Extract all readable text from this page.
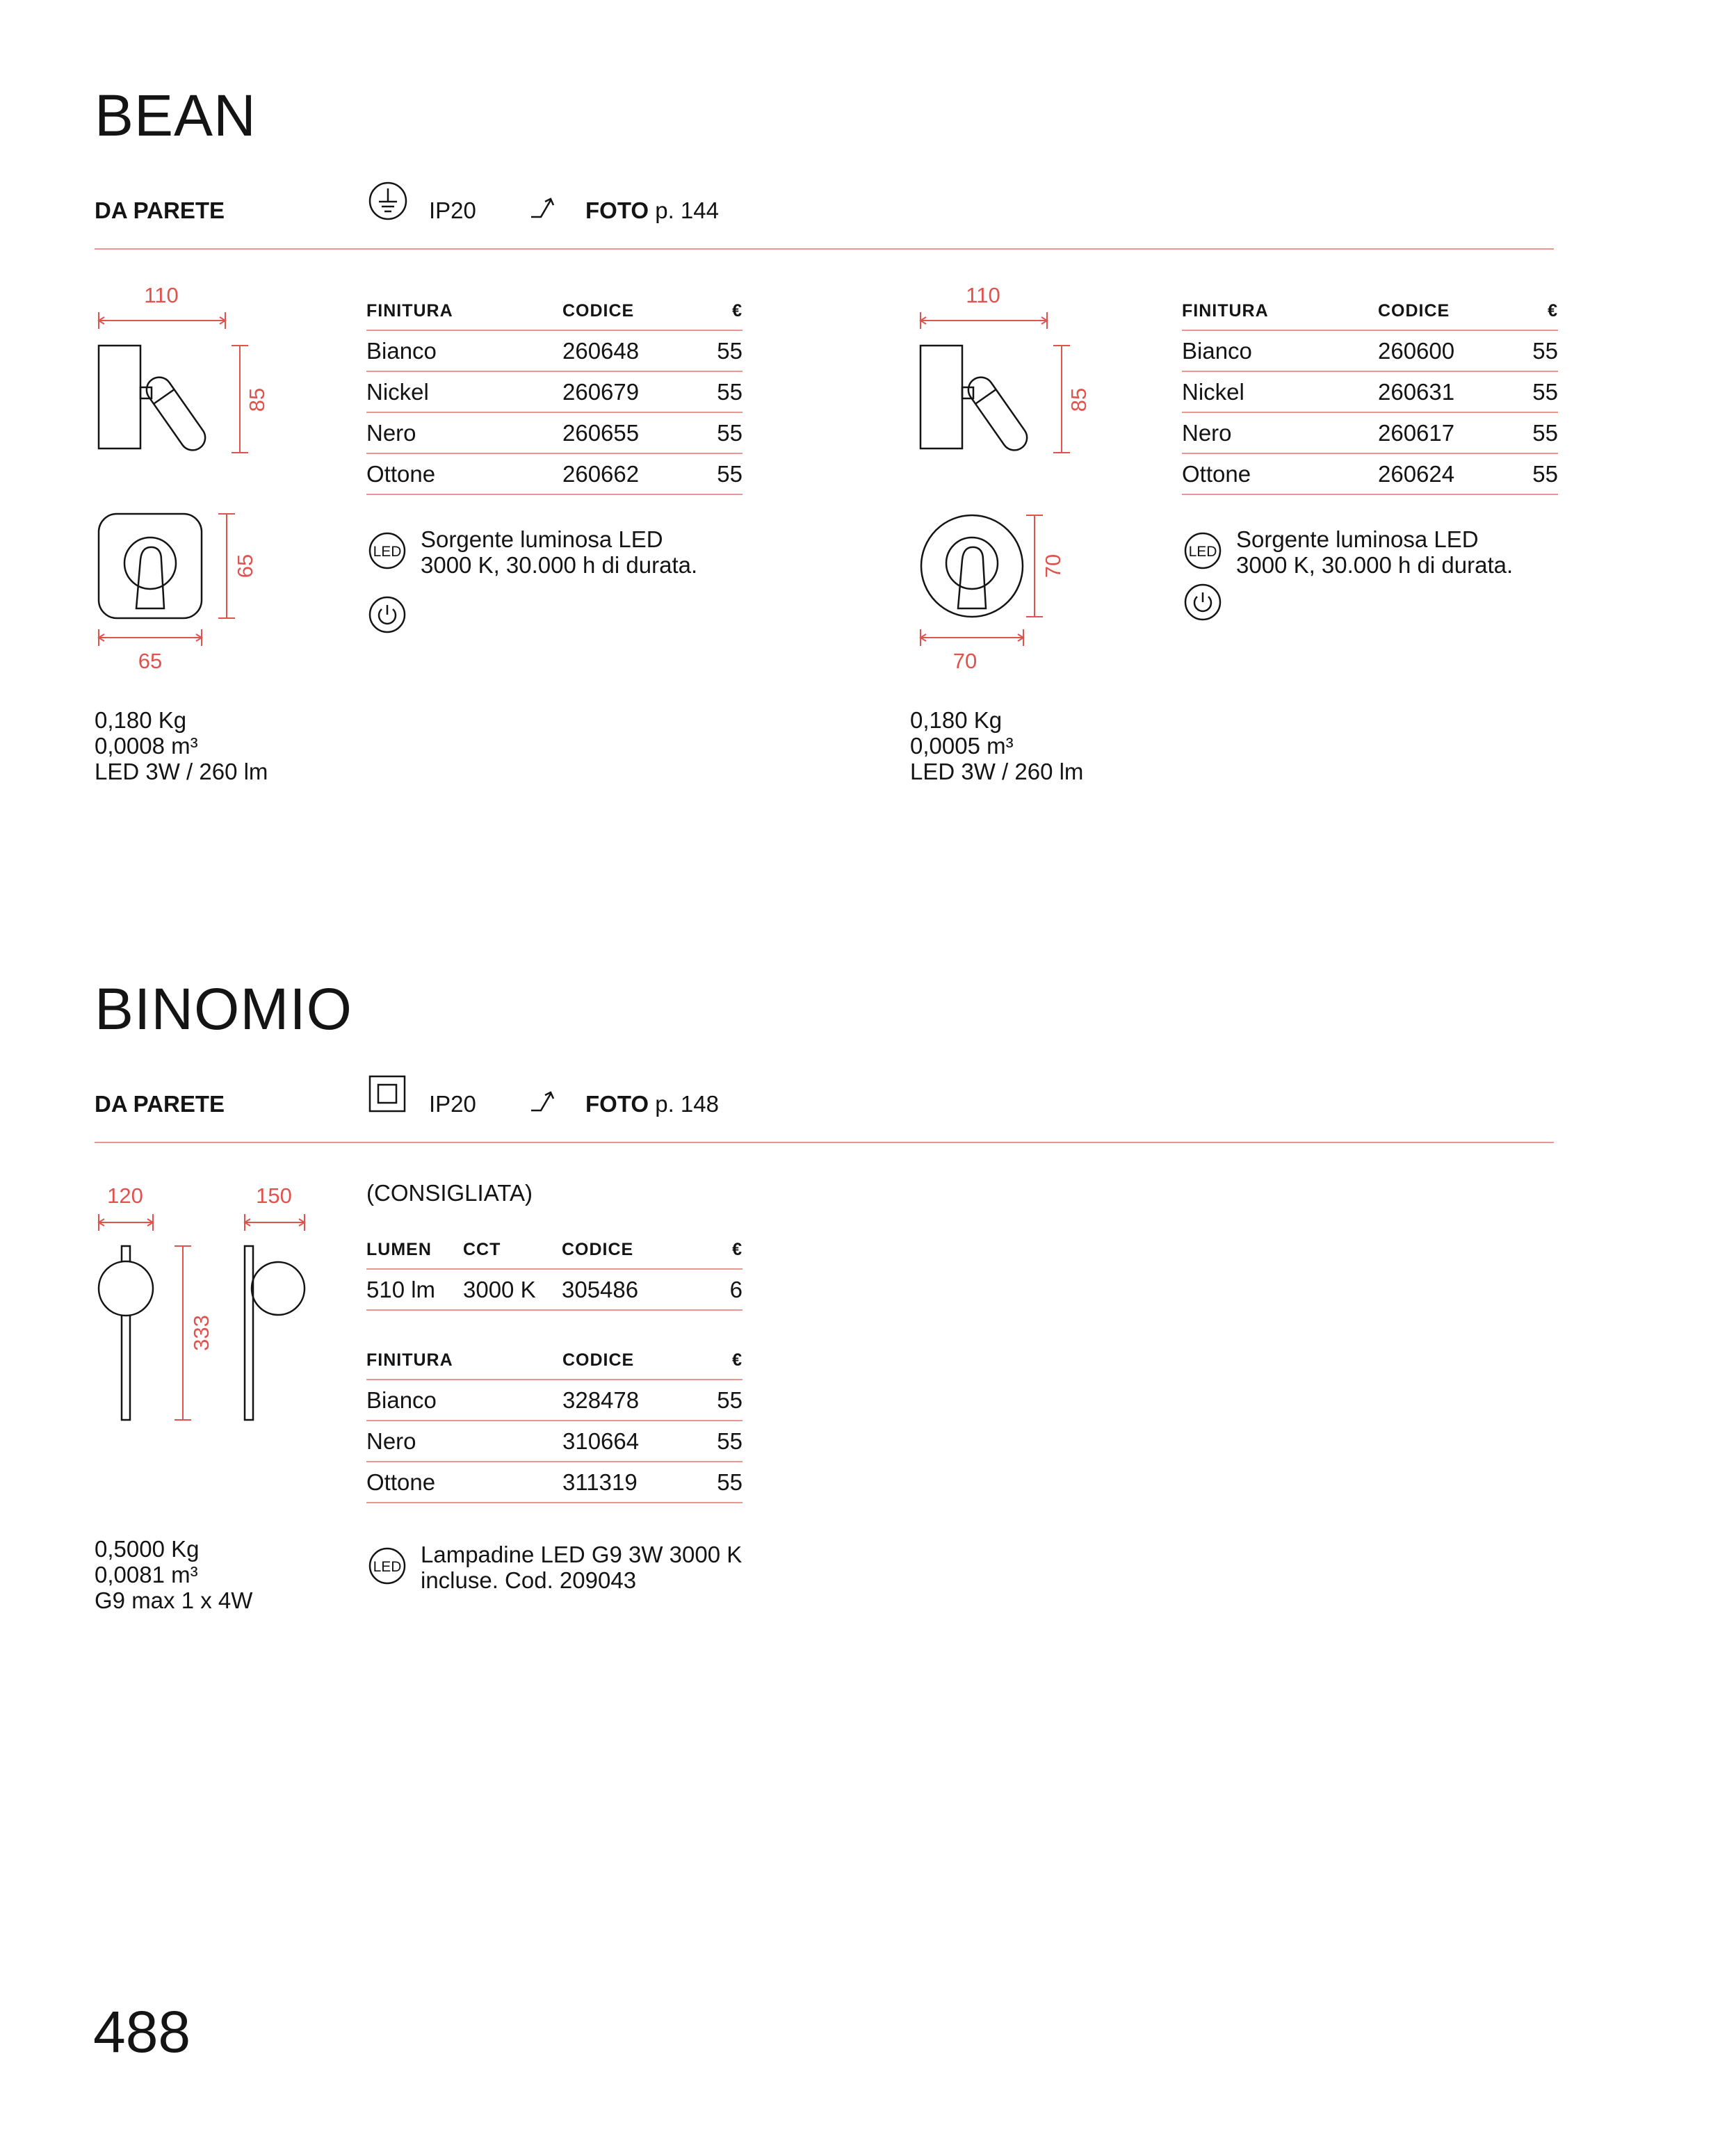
BEAN
DA PARETE	IP20	FOTO p. 144
110
85
65
65
0,180 Kg
0,0008 m³
LED 3W / 260 lm
FINITURA	CODICE	€
Bianco	260648	55
Nickel	260679	55
Nero	260655	55
Ottone	260662	55
LED Sorgente luminosa LED
3000 K, 30.000 h di durata.
110
85
70
70
0,180 Kg
0,0005 m³
LED 3W / 260 lm
FINITURA	CODICE	€
Bianco	260600	55
Nickel	260631	55
Nero	260617	55
Ottone	260624	55
LED Sorgente luminosa LED
3000 K, 30.000 h di durata.
BINOMIO
DA PARETE	IP20	FOTO p. 148
120
333
150
0,5000 Kg
0,0081 m³
G9 max 1 x 4W
(CONSIGLIATA)
LUMEN	CCT	CODICE	€
510 lm	3000 K	305486	6
FINITURA	CODICE	€
Bianco	328478	55
Nero	310664	55
Ottone	311319	55
LED Lampadine LED G9 3W 3000 K
incluse. Cod. 209043
488
